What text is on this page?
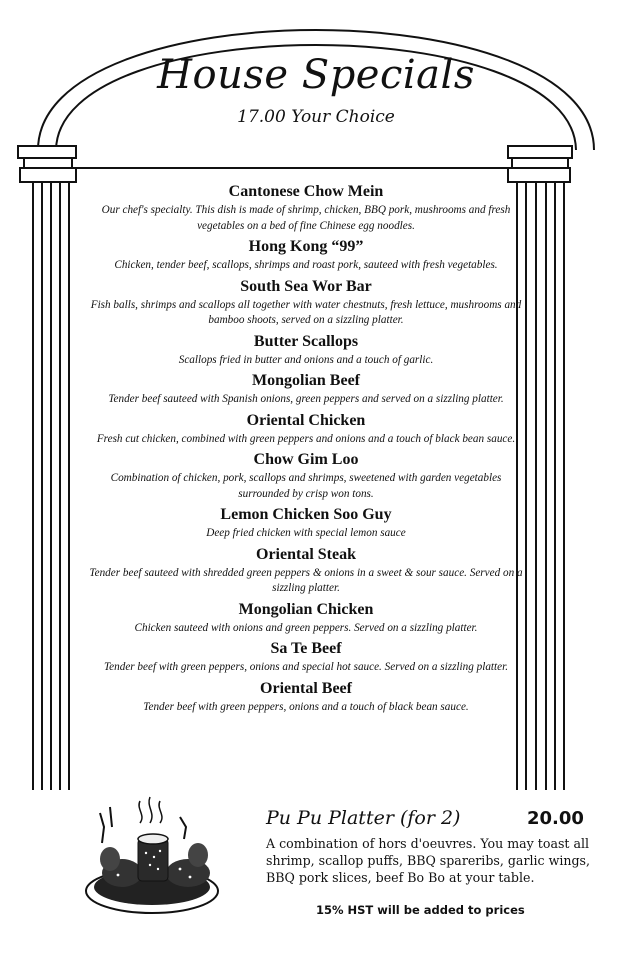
House Specials
17.00 Your Choice

Cantonese Chow Mein

Our chef's specialty. This dish is made of shrimp, chicken, BBQ pork, mushrooms and fresh vegetables on a bed of fine Chinese egg noodles.

Hong Kong “99”

Chicken, tender beef, scallops, shrimps and roast pork, sauteed with fresh vegetables.

South Sea Wor Bar

Fish balls, shrimps and scallops all together with water chestnuts, fresh lettuce, mushrooms and bamboo shoots, served on a sizzling platter.

Butter Scallops

Scallops fried in butter and onions and a touch of garlic.

Mongolian Beef

Tender beef sauteed with Spanish onions, green peppers and served on a sizzling platter.

Oriental Chicken

Fresh cut chicken, combined with green peppers and onions and a touch of black bean sauce.

Chow Gim Loo

Combination of chicken, pork, scallops and shrimps, sweetened with garden vegetables surrounded by crisp won tons.

Lemon Chicken Soo Guy

Deep fried chicken with special lemon sauce

Oriental Steak

Tender beef sauteed with shredded green peppers & onions in a sweet & sour sauce. Served on a sizzling platter.

Mongolian Chicken

Chicken sauteed with onions and green peppers. Served on a sizzling platter.

Sa Te Beef

Tender beef with green peppers, onions and special hot sauce. Served on a sizzling platter.

Oriental Beef

Tender beef with green peppers, onions and a touch of black bean sauce.

Pu Pu Platter (for 2)	20.00
A combination of hors d'oeuvres. You may toast all shrimp, scallop puffs, BBQ spareribs, garlic wings, BBQ pork slices, beef Bo Bo at your table.
15% HST will be added to prices
